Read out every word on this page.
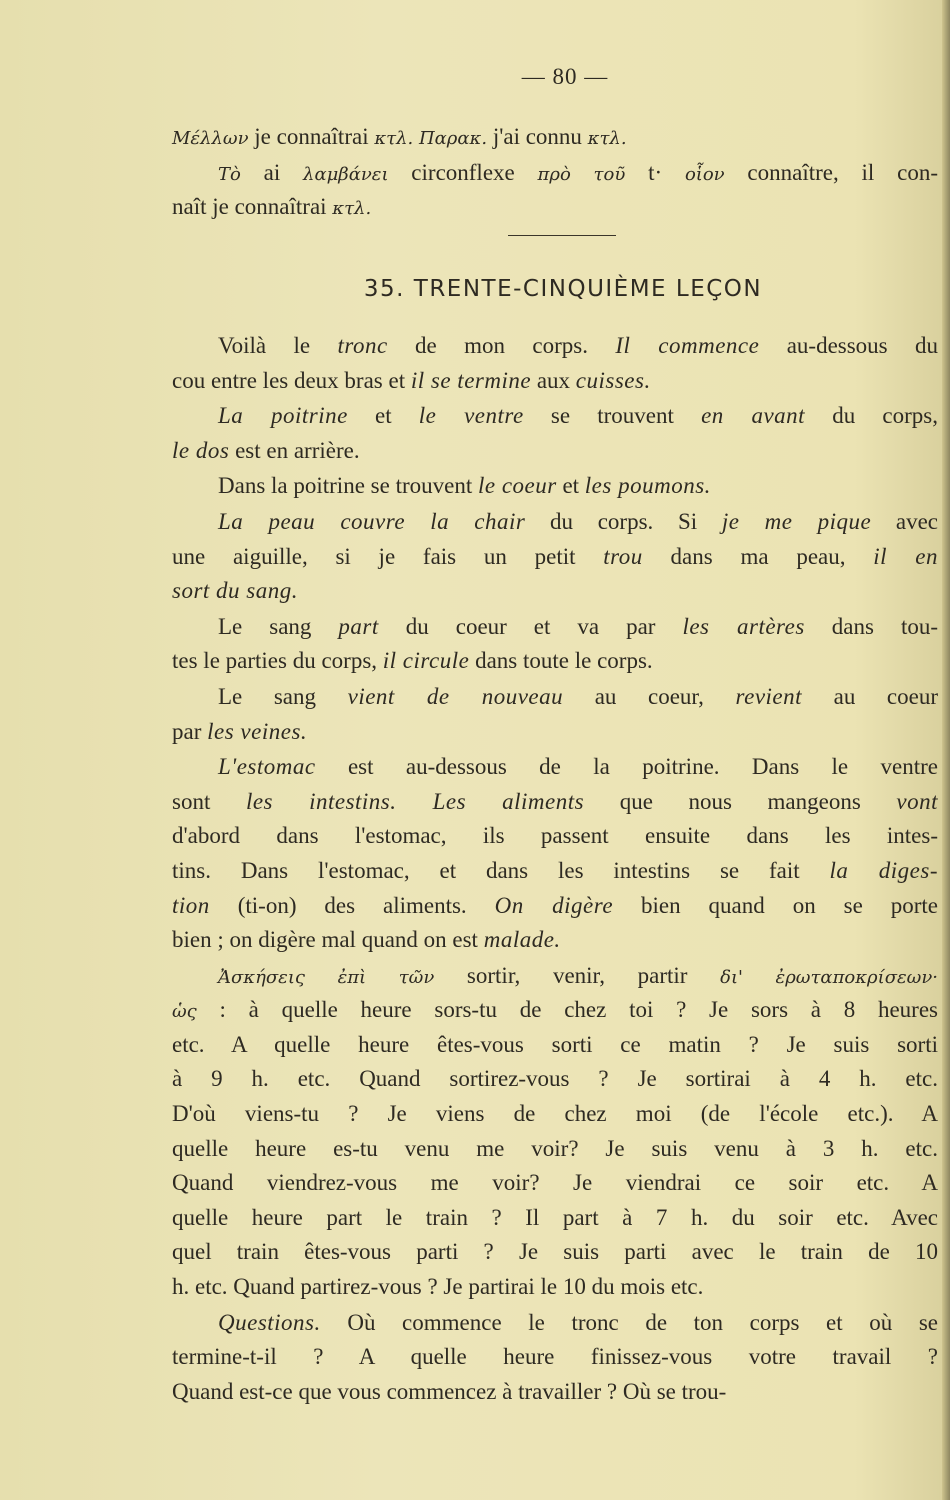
— 80 —
Μέλλων je connaîtrai κτλ. Παρακ. j'ai connu κτλ.
Τὸ ai λαμβάνει circonflexe πρὸ τοῦ t· οἷον connaître, il con-
naît je connaîtrai κτλ.
35. TRENTE-CINQUIÈME LEÇON
Voilà le tronc de mon corps. Il commence au-dessous du
cou entre les deux bras et il se termine aux cuisses.
La poitrine et le ventre se trouvent en avant du corps,
le dos est en arrière.
Dans la poitrine se trouvent le coeur et les poumons.
La peau couvre la chair du corps. Si je me pique avec
une aiguille, si je fais un petit trou dans ma peau, il en
sort du sang.
Le sang part du coeur et va par les artères dans tou-
tes le parties du corps, il circule dans toute le corps.
Le sang vient de nouveau au coeur, revient au coeur
par les veines.
L'estomac est au-dessous de la poitrine. Dans le ventre
sont les intestins. Les aliments que nous mangeons vont
d'abord dans l'estomac, ils passent ensuite dans les intes-
tins. Dans l'estomac, et dans les intestins se fait la diges-
tion (ti-on) des aliments. On digère bien quand on se porte
bien ; on digère mal quand on est malade.
Ἀσκήσεις ἐπὶ τῶν sortir, venir, partir δι' ἐρωταποκρίσεων·
ὡς : à quelle heure sors-tu de chez toi ? Je sors à 8 heures
etc. A quelle heure êtes-vous sorti ce matin ? Je suis sorti
à 9 h. etc. Quand sortirez-vous ? Je sortirai à 4 h. etc.
D'où viens-tu ? Je viens de chez moi (de l'école etc.). A
quelle heure es-tu venu me voir? Je suis venu à 3 h. etc.
Quand viendrez-vous me voir? Je viendrai ce soir etc. A
quelle heure part le train ? Il part à 7 h. du soir etc. Avec
quel train êtes-vous parti ? Je suis parti avec le train de 10
h. etc. Quand partirez-vous ? Je partirai le 10 du mois etc.
Questions. Où commence le tronc de ton corps et où se
termine-t-il ? A quelle heure finissez-vous votre travail ?
Quand est-ce que vous commencez à travailler ? Où se trou-
